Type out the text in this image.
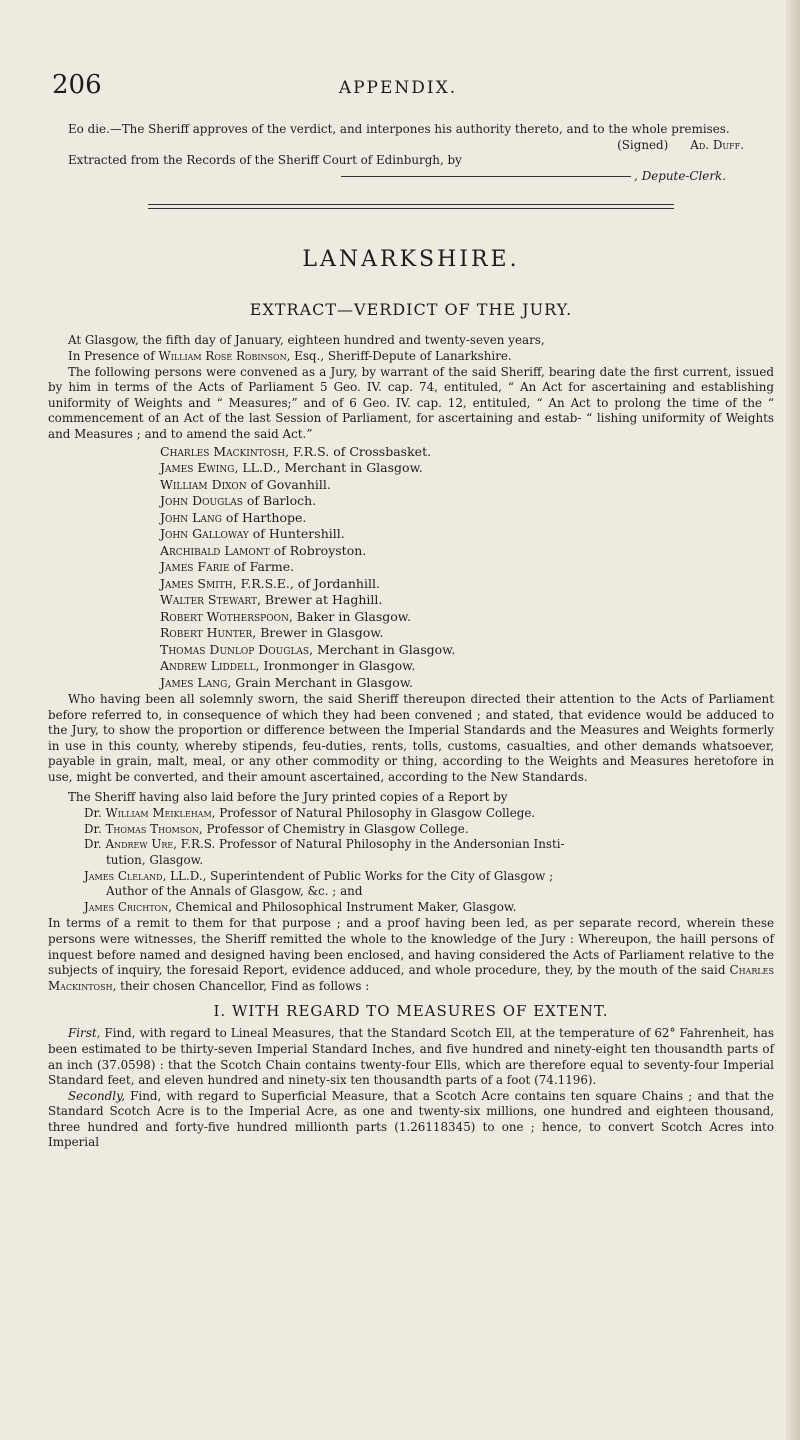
206	APPENDIX.

Eo die.—The Sheriff approves of the verdict, and interpones his authority thereto, and to the whole premises.

(Signed) Ad. Duff.

Extracted from the Records of the Sheriff Court of Edinburgh, by

, Depute-Clerk.

LANARKSHIRE.
EXTRACT—VERDICT OF THE JURY.

At Glasgow, the fifth day of January, eighteen hundred and twenty-seven years,

In Presence of William Rose Robinson, Esq., Sheriff-Depute of Lanarkshire.

The following persons were convened as a Jury, by warrant of the said Sheriff, bearing date the first current, issued by him in terms of the Acts of Parliament 5 Geo. IV. cap. 74, entituled, “ An Act for ascertaining and establishing uniformity of Weights and “ Measures;” and of 6 Geo. IV. cap. 12, entituled, “ An Act to prolong the time of the “ commencement of an Act of the last Session of Parliament, for ascertaining and estab- “ lishing uniformity of Weights and Measures ; and to amend the said Act.”

Charles Mackintosh, F.R.S. of Crossbasket.
James Ewing, LL.D., Merchant in Glasgow.
William Dixon of Govanhill.
John Douglas of Barloch.
John Lang of Harthope.
John Galloway of Huntershill.
Archibald Lamont of Robroyston.
James Farie of Farme.
James Smith, F.R.S.E., of Jordanhill.
Walter Stewart, Brewer at Haghill.
Robert Wotherspoon, Baker in Glasgow.
Robert Hunter, Brewer in Glasgow.
Thomas Dunlop Douglas, Merchant in Glasgow.
Andrew Liddell, Ironmonger in Glasgow.
James Lang, Grain Merchant in Glasgow.

Who having been all solemnly sworn, the said Sheriff thereupon directed their attention to the Acts of Parliament before referred to, in consequence of which they had been convened ; and stated, that evidence would be adduced to the Jury, to show the proportion or difference between the Imperial Standards and the Measures and Weights formerly in use in this county, whereby stipends, feu-duties, rents, tolls, customs, casualties, and other demands whatsoever, payable in grain, malt, meal, or any other commodity or thing, according to the Weights and Measures heretofore in use, might be converted, and their amount ascertained, according to the New Standards.

The Sheriff having also laid before the Jury printed copies of a Report by

Dr. William Meikleham, Professor of Natural Philosophy in Glasgow College.
Dr. Thomas Thomson, Professor of Chemistry in Glasgow College.
Dr. Andrew Ure, F.R.S. Professor of Natural Philosophy in the Andersonian Insti-
tution, Glasgow.
James Cleland, LL.D., Superintendent of Public Works for the City of Glasgow ;
Author of the Annals of Glasgow, &c. ; and
James Crichton, Chemical and Philosophical Instrument Maker, Glasgow.

In terms of a remit to them for that purpose ; and a proof having been led, as per separate record, wherein these persons were witnesses, the Sheriff remitted the whole to the knowledge of the Jury : Whereupon, the haill persons of inquest before named and designed having been enclosed, and having considered the Acts of Parliament relative to the subjects of inquiry, the foresaid Report, evidence adduced, and whole procedure, they, by the mouth of the said Charles Mackintosh, their chosen Chancellor, Find as follows :

I. WITH REGARD TO MEASURES OF EXTENT.

First, Find, with regard to Lineal Measures, that the Standard Scotch Ell, at the temperature of 62° Fahrenheit, has been estimated to be thirty-seven Imperial Standard Inches, and five hundred and ninety-eight ten thousandth parts of an inch (37.0598) : that the Scotch Chain contains twenty-four Ells, which are therefore equal to seventy-four Imperial Standard feet, and eleven hundred and ninety-six ten thousandth parts of a foot (74.1196).

Secondly, Find, with regard to Superficial Measure, that a Scotch Acre contains ten square Chains ; and that the Standard Scotch Acre is to the Imperial Acre, as one and twenty-six millions, one hundred and eighteen thousand, three hundred and forty-five hundred millionth parts (1.26118345) to one ; hence, to convert Scotch Acres into Imperial
